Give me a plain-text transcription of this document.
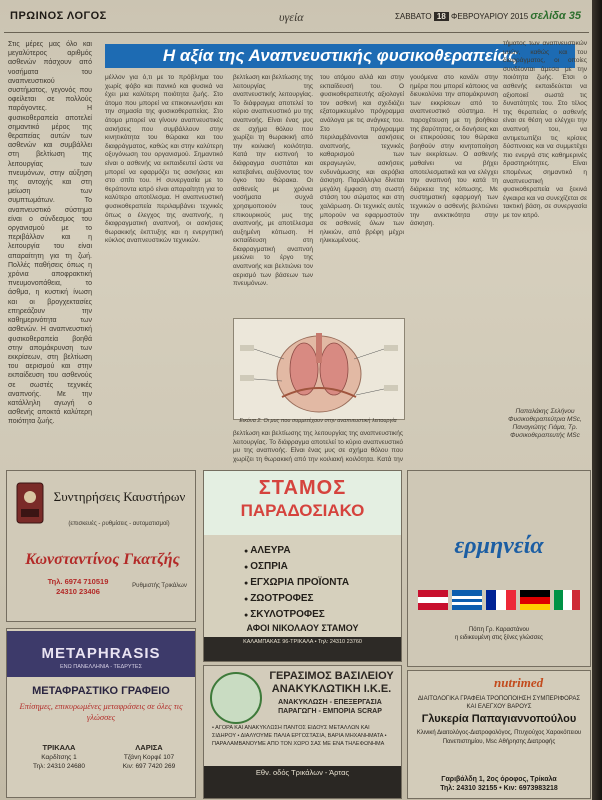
ΠΡΩΙΝΟΣ ΛΟΓΟΣ	υγεία	ΣΑΒΒΑΤΟ 18 ΦΕΒΡΟΥΑΡΙΟΥ 2015 σελίδα 35
Στις μέρες μας όλο και μεγαλύτερος αριθμός ασθενών πάσχουν από νοσήματα του αναπνευστικού συστήματος, γεγονός που οφείλεται σε πολλούς παράγοντες. Η φυσικοθεραπεία αποτελεί σημαντικό μέρος της θεραπείας αυτών των ασθενών και συμβάλλει στη βελτίωση της λειτουργίας των πνευμόνων, στην αύξηση της αντοχής και στη μείωση των συμπτωμάτων. Το αναπνευστικό σύστημα είναι ο σύνδεσμος του οργανισμού με το περιβάλλον και η λειτουργία του είναι απαραίτητη για τη ζωή. Πολλές παθήσεις όπως η χρόνια αποφρακτική πνευμονοπάθεια, το άσθμα, η κυστική ίνωση και οι βρογχεκτασίες επηρεάζουν την καθημερινότητα των ασθενών. Η αναπνευστική φυσικοθεραπεία βοηθά στην απομάκρυνση των εκκρίσεων, στη βελτίωση του αερισμού και στην εκπαίδευση του ασθενούς σε σωστές τεχνικές αναπνοής. Με την κατάλληλη αγωγή ο ασθενής αποκτά καλύτερη ποιότητα ζωής.
Η αξία της Αναπνευστικής φυσικοθεραπείας
μέλλον για ό,τι με το πρόβλημα του χωρίς φόβο και πανικό και φυσικά να έχει μια καλύτερη ποιότητα ζωής. Στο άτομο που μπορεί να επικοινωνήσει και την σημασία της φυσικοθεραπείας. Στο άτομο μπορεί να γίνουν αναπνευστικές ασκήσεις που συμβάλλουν στην κινητικότητα του θώρακα και του διαφράγματος, καθώς και στην καλύτερη οξυγόνωση του οργανισμού. Σημαντικό είναι ο ασθενής να εκπαιδευτεί ώστε να μπορεί να εφαρμόζει τις ασκήσεις και στο σπίτι του. Η συνεργασία με το θεράποντα ιατρό είναι απαραίτητη για το καλύτερο αποτέλεσμα. Η αναπνευστική φυσικοθεραπεία περιλαμβάνει τεχνικές όπως ο έλεγχος της αναπνοής, η διαφραγματική αναπνοή, οι ασκήσεις θωρακικής έκπτυξης και η ενεργητική κύκλος αναπνευστικών τεχνικών.
βελτίωση και βελτίωσης της λειτουργίας της αναπνευστικής λειτουργίας. Το διάφραγμα αποτελεί το κύριο αναπνευστικό μυ της αναπνοής. Είναι ένας μυς σε σχήμα θόλου που χωρίζει τη θωρακική από την κοιλιακή κοιλότητα. Κατά την εισπνοή το διάφραγμα συσπάται και κατεβαίνει, αυξάνοντας τον όγκο του θώρακα. Οι ασθενείς με χρόνια νοσήματα συχνά χρησιμοποιούν τους επικουρικούς μυς της αναπνοής, με αποτέλεσμα αυξημένη κόπωση. Η εκπαίδευση στη διαφραγματική αναπνοή μειώνει το έργο της αναπνοής και βελτιώνει τον αερισμό των βάσεων των πνευμόνων.
του ατόμου αλλά και στην εκπαίδευσή του. Ο φυσικοθεραπευτής αξιολογεί τον ασθενή και σχεδιάζει εξατομικευμένο πρόγραμμα ανάλογα με τις ανάγκες του. Στο πρόγραμμα περιλαμβάνονται ασκήσεις αναπνοής, τεχνικές καθαρισμού των αεραγωγών, ασκήσεις ενδυνάμωσης και αερόβια άσκηση. Παράλληλα δίνεται μεγάλη έμφαση στη σωστή στάση του σώματος και στη χαλάρωση. Οι τεχνικές αυτές μπορούν να εφαρμοστούν σε ασθενείς όλων των ηλικιών, από βρέφη μέχρι ηλικιωμένους.
γουόμενα στο κανάλι στην ημέρα που μπορεί κάποιος να διευκολύνει την απομάκρυνση των εκκρίσεων από το αναπνευστικό σύστημα. Η παροχέτευση με τη βοήθεια της βαρύτητας, οι δονήσεις και οι επικρούσεις του θώρακα βοηθούν στην κινητοποίηση των εκκρίσεων. Ο ασθενής μαθαίνει να βήχει αποτελεσματικά και να ελέγχει την αναπνοή του κατά τη διάρκεια της κόπωσης. Με συστηματική εφαρμογή των τεχνικών ο ασθενής βελτιώνει την ανεκτικότητα στην άσκηση.
τήματος των αναπνευστικών μυών, καθώς και του διαφράγματος, οι οποίες συνδέονται άμεσα με την ποιότητα ζωής. Έτσι ο ασθενής εκπαιδεύεται να αξιοποιεί σωστά τις δυνατότητές του. Στο τέλος της θεραπείας ο ασθενής είναι σε θέση να ελέγχει την αναπνοή του, να αντιμετωπίζει τις κρίσεις δύσπνοιας και να συμμετέχει πιο ενεργά στις καθημερινές δραστηριότητες. Είναι επομένως σημαντικό η αναπνευστική φυσικοθεραπεία να ξεκινά έγκαιρα και να συνεχίζεται σε τακτική βάση, σε συνεργασία με τον ιατρό.
βελτίωση και βελτίωσης της λειτουργίας της αναπνευστικής λειτουργίας. Το διάφραγμα αποτελεί το κύριο αναπνευστικό μυ της αναπνοής. Είναι ένας μυς σε σχήμα θόλου που χωρίζει τη θωρακική από την κοιλιακή κοιλότητα. Κατά την
Εικόνα 2. Οι μυς που συμμετέχουν στην αναπνευστική λειτουργία
Παπαλάκης Σελήνου Φυσικοθεραπεύτρια MSc, Παναγιώτης Γιάμα, Τρ. Φυσικοθεραπευτής MSc
Συντηρήσεις Καυστήρων
(επισκευές - ρυθμίσεις - αυτοματισμοί)
Κωνσταντίνος Γκατζής
Τηλ. 6974 710519
24310 23406
Ρυθμιστής Τρικάλων
METAPHRASIS
ΕΝΩ ΠΑΝΕΛΛΗΝΙΑ - ΤΕΔΡΥΤΕΣ
ΜΕΤΑΦΡΑΣΤΙΚΟ ΓΡΑΦΕΙΟ
Επίσημες, επικυρωμένες μεταφράσεις σε όλες τις γλώσσες
ΤΡΙΚΑΛΑ
Καρδίτσης 1
Τηλ: 24310 24680
ΛΑΡΙΣΑ
Τζάνη Κορφέ 107
Κιν: 697 7420 269
ΣΤΑΜΟΣ
ΠΑΡΑΔΟΣΙΑΚΟ
● ΑΛΕΥΡΑ
● ΟΣΠΡΙΑ
● ΕΓΧΩΡΙΑ ΠΡΟΪΟΝΤΑ
● ΖΩΟΤΡΟΦΕΣ
● ΣΚΥΛΟΤΡΟΦΕΣ
ΑΦΟΙ ΝΙΚΟΛΑΟΥ ΣΤΑΜΟΥ
ΚΑΛΑΜΠΑΚΑΣ 96-ΤΡΙΚΑΛΑ • Τηλ: 24310 23760
ΓΕΡΑΣΙΜΟΣ ΒΑΣΙΛΕΙΟΥ ΑΝΑΚΥΚΛΩΤΙΚΗ Ι.Κ.Ε.
ΑΝΑΚΥΚΛΩΣΗ - ΕΠΕΞΕΡΓΑΣΙΑ ΠΑΡΑΓΩΓΗ - ΕΜΠΟΡΙΑ SCRAP
• ΑΓΟΡΑ ΚΑΙ ΑΝΑΚΥΚΛΩΣΗ ΠΑΝΤΟΣ ΕΙΔΟΥΣ ΜΕΤΑΛΛΩΝ ΚΑΙ ΣΙΔΗΡΟΥ • ΔΙΑΛΥΟΥΜΕ ΠΑΛΙΑ ΕΡΓΟΣΤΑΣΙΑ, ΒΑΡΙΑ ΜΗΧΑΝΗΜΑΤΑ • ΠΑΡΑΛΑΜΒΑΝΟΥΜΕ ΑΠΟ ΤΟΝ ΧΩΡΟ ΣΑΣ ΜΕ ΕΝΑ ΤΗΛΕΦΩΝΗΜΑ
Εθν. οδός Τρικάλων - Άρτας
ερμηνεία
Πόπη Γρ. Καραστάνου
η ειδικευμένη στις ξένες γλώσσες
nutrimed
ΔΙΑΙΤΟΛΟΓΙΚΑ ΓΡΑΦΕΙΑ ΤΡΟΠΟΠΟΙΗΣΗ ΣΥΜΠΕΡΙΦΟΡΑΣ ΚΑΙ ΕΛΕΓΧΟΥ ΒΑΡΟΥΣ
Γλυκερία Παπαγιαννοπούλου
Κλινική Διαιτολόγος-Διατροφολόγος, Πτυχιούχος Χαροκόπειου Πανεπιστημίου, Msc Αθήρησης Διατροφής
Γαριβάλδη 1, 2ος όροφος, Τρίκαλα
Τηλ: 24310 32155 • Κιν: 6973983218
